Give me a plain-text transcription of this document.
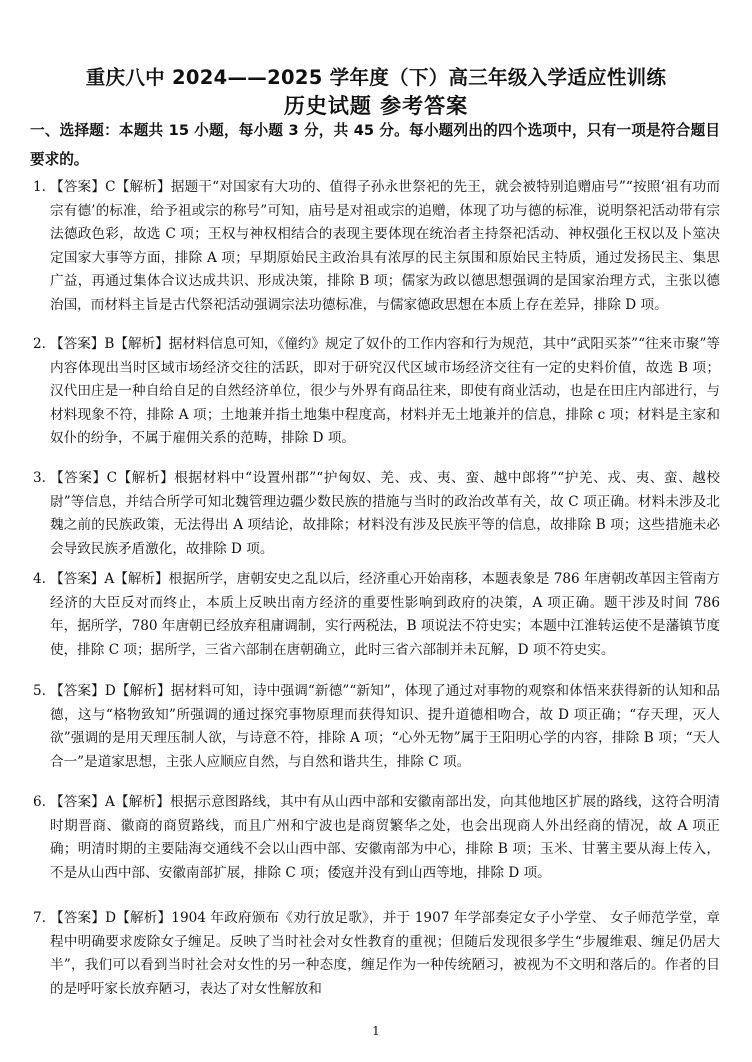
重庆八中 2024——2025 学年度（下）高三年级入学适应性训练
历史试题 参考答案
一、选择题：本题共 15 小题，每小题 3 分，共 45 分。每小题列出的四个选项中，只有一项是符合题目要求的。
1. 【答案】C【解析】据题干“对国家有大功的、值得子孙永世祭祀的先王，就会被特别追赠庙号”“按照‘祖有功而宗有德’的标准，给予祖或宗的称号”可知，庙号是对祖或宗的追赠，体现了功与德的标准，说明祭祀活动带有宗法德政色彩，故选 C 项；王权与神权相结合的表现主要体现在统治者主持祭祀活动、神权强化王权以及卜筮决定国家大事等方面，排除 A 项；早期原始民主政治具有浓厚的民主氛围和原始民主特质，通过发扬民主、集思广益，再通过集体合议达成共识、形成决策，排除 B 项；儒家为政以德思想强调的是国家治理方式，主张以德治国，而材料主旨是古代祭祀活动强调宗法功德标准，与儒家德政思想在本质上存在差异，排除 D 项。
2. 【答案】B【解析】据材料信息可知，《僮约》规定了奴仆的工作内容和行为规范，其中“武阳买茶”“往来市聚”等内容体现出当时区域市场经济交往的活跃，即对于研究汉代区域市场经济交往有一定的史料价值，故选 B 项；汉代田庄是一种自给自足的自然经济单位，很少与外界有商品往来，即使有商业活动，也是在田庄内部进行，与材料现象不符，排除 A 项；土地兼并指土地集中程度高，材料并无土地兼并的信息，排除 c 项；材料是主家和奴仆的纷争，不属于雇佣关系的范畴，排除 D 项。
3. 【答案】C【解析】根据材料中“设置州郡”“护匈奴、羌、戎、夷、蛮、越中郎将”“护羌、戎、夷、蛮、越校尉”等信息，并结合所学可知北魏管理边疆少数民族的措施与当时的政治改革有关，故 C 项正确。材料未涉及北魏之前的民族政策，无法得出 A 项结论，故排除；材料没有涉及民族平等的信息，故排除 B 项；这些措施未必会导致民族矛盾激化，故排除 D 项。
4. 【答案】A【解析】根据所学，唐朝安史之乱以后，经济重心开始南移，本题表象是 786 年唐朝改革因主管南方经济的大臣反对而终止，本质上反映出南方经济的重要性影响到政府的决策，A 项正确。题干涉及时间 786 年，据所学，780 年唐朝已经放弃租庸调制，实行两税法，B 项说法不符史实；本题中江淮转运使不是藩镇节度使，排除 C 项；据所学，三省六部制在唐朝确立，此时三省六部制并未瓦解，D 项不符史实。
5. 【答案】D【解析】据材料可知，诗中强调“新德”“新知”，体现了通过对事物的观察和体悟来获得新的认知和品德，这与“格物致知”所强调的通过探究事物原理而获得知识、提升道德相吻合，故 D 项正确；“存天理，灭人欲”强调的是用天理压制人欲，与诗意不符，排除 A 项；“心外无物”属于王阳明心学的内容，排除 B 项；“天人合一”是道家思想，主张人应顺应自然，与自然和谐共生，排除 C 项。
6. 【答案】A【解析】根据示意图路线，其中有从山西中部和安徽南部出发，向其他地区扩展的路线，这符合明清时期晋商、徽商的商贸路线，而且广州和宁波也是商贸繁华之处，也会出现商人外出经商的情况，故 A 项正确；明清时期的主要陆海交通线不会以山西中部、安徽南部为中心，排除 B 项；玉米、甘薯主要从海上传入，不是从山西中部、安徽南部扩展，排除 C 项；倭寇并没有到山西等地，排除 D 项。
7. 【答案】D【解析】1904 年政府颁布《劝行放足歌》，并于 1907 年学部奏定女子小学堂、 女子师范学堂，章程中明确要求废除女子缠足。反映了当时社会对女性教育的重视；但随后发现很多学生“步履维艰、缠足仍居大半”，我们可以看到当时社会对女性的另一种态度，缠足作为一种传统陋习，被视为不文明和落后的。作者的目的是呼吁家长放弃陋习，表达了对女性解放和
1
